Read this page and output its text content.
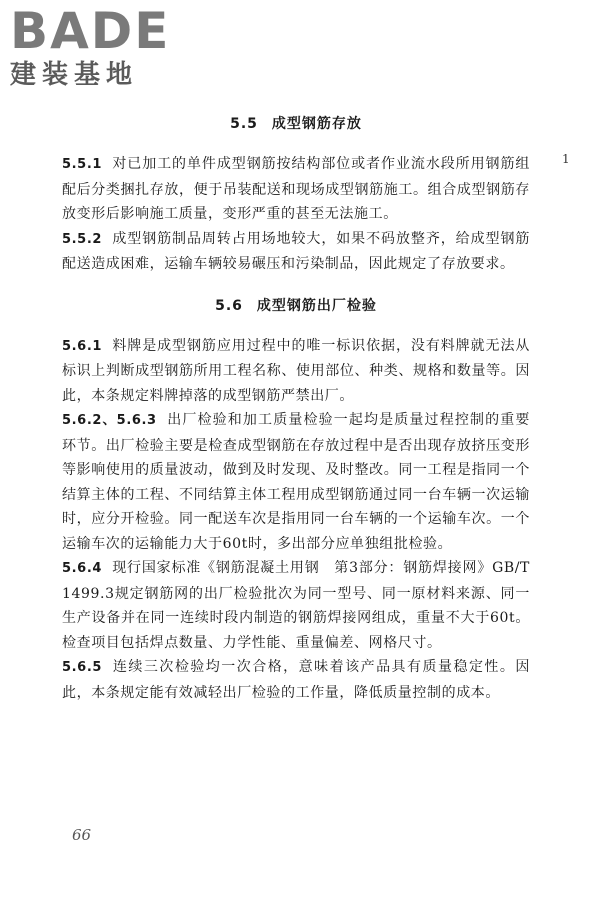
BADE
建装基地
1
5.5 成型钢筋存放

5.5.1 对已加工的单件成型钢筋按结构部位或者作业流水段所用钢筋组配后分类捆扎存放，便于吊装配送和现场成型钢筋施工。组合成型钢筋存放变形后影响施工质量，变形严重的甚至无法施工。

5.5.2 成型钢筋制品周转占用场地较大，如果不码放整齐，给成型钢筋配送造成困难，运输车辆较易碾压和污染制品，因此规定了存放要求。

5.6 成型钢筋出厂检验

5.6.1 料牌是成型钢筋应用过程中的唯一标识依据，没有料牌就无法从标识上判断成型钢筋所用工程名称、使用部位、种类、规格和数量等。因此，本条规定料牌掉落的成型钢筋严禁出厂。

5.6.2、5.6.3 出厂检验和加工质量检验一起均是质量过程控制的重要环节。出厂检验主要是检查成型钢筋在存放过程中是否出现存放挤压变形等影响使用的质量波动，做到及时发现、及时整改。同一工程是指同一个结算主体的工程、不同结算主体工程用成型钢筋通过同一台车辆一次运输时，应分开检验。同一配送车次是指用同一台车辆的一个运输车次。一个运输车次的运输能力大于60t时，多出部分应单独组批检验。

5.6.4 现行国家标准《钢筋混凝土用钢　第3部分：钢筋焊接网》GB/T 1499.3规定钢筋网的出厂检验批次为同一型号、同一原材料来源、同一生产设备并在同一连续时段内制造的钢筋焊接网组成，重量不大于60t。检查项目包括焊点数量、力学性能、重量偏差、网格尺寸。

5.6.5 连续三次检验均一次合格，意味着该产品具有质量稳定性。因此，本条规定能有效减轻出厂检验的工作量，降低质量控制的成本。

66
